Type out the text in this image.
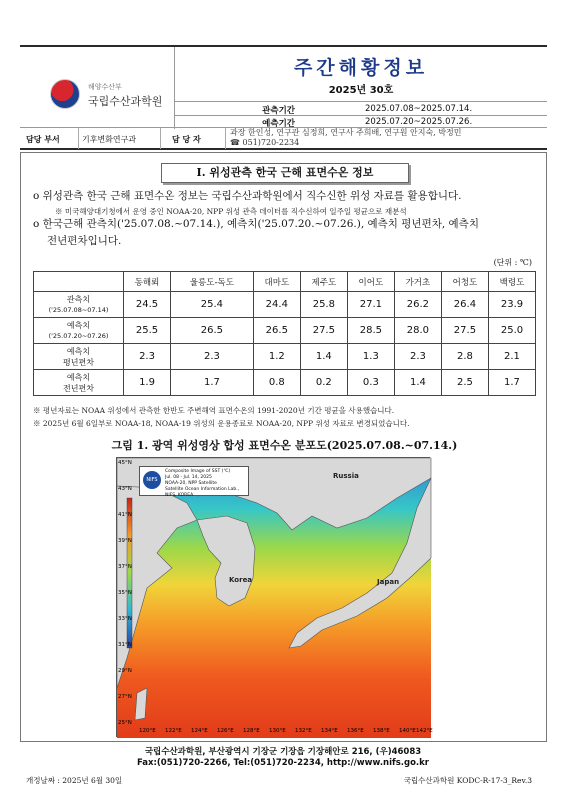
해양수산부
국립수산과학원
주간해황정보
2025년 30호
관측기간	2025.07.08~2025.07.14.
예측기간	2025.07.20~2025.07.26.
담당 부서	기후변화연구과	담 당 자
과장 한인성, 연구관 심정희, 연구사 주희배, 연구원 안지숙, 박정민
☎ 051)720-2234
I. 위성관측 한국 근해 표면수온 정보
o 위성관측 한국 근해 표면수온 정보는 국립수산과학원에서 직수신한 위성 자료를 활용합니다.
※ 미국해양대기청에서 운영 중인 NOAA-20, NPP 위성 관측 데이터를 직수신하여 일주일 평균으로 재분석
o 한국근해 관측치('25.07.08.~07.14.), 예측치('25.07.20.~07.26.), 예측치 평년편차, 예측치
전년편차입니다.
(단위 : ℃)
	동해뢰	울릉도-독도	대마도	제주도	이어도	가거초	어청도	백령도

관측치
('25.07.08~07.14)	24.5	25.4	24.4	25.8	27.1	26.2	26.4	23.9

예측치
('25.07.20~07.26)	25.5	26.5	26.5	27.5	28.5	28.0	27.5	25.0

예측치
평년편차	2.3	2.3	1.2	1.4	1.3	2.3	2.8	2.1

예측치
전년편차	1.9	1.7	0.8	0.2	0.3	1.4	2.5	1.7
※ 평년자료는 NOAA 위성에서 관측한 한반도 주변해역 표면수온의 1991-2020년 기간 평균을 사용했습니다.
※ 2025년 6월 6일부로 NOAA-18, NOAA-19 위성의 운용종료로 NOAA-20, NPP 위성 자료로 변경되었습니다.
그림 1. 광역 위성영상 합성 표면수온 분포도(2025.07.08.~07.14.)
NIFS
Composite Image of SST (℃)
Jul. 08 - Jul. 14, 2025
NOAA-20, NPP Satellite
Satellite Ocean Information Lab.,
NIFS, KOREA
Russia
Korea	Japan
45°N
43°N
41°N
39°N
37°N
35°N
33°N
31°N
29°N
27°N
25°N
120°E 122°E 124°E 126°E 128°E 130°E 132°E 134°E 136°E 138°E 140°E 142°E
국립수산과학원, 부산광역시 기장군 기장읍 기장해안로 216, (우)46083
Fax:(051)720-2266, Tel:(051)720-2234, http://www.nifs.go.kr
개정날짜 : 2025년 6월 30일	국립수산과학원 KODC-R-17-3_Rev.3
